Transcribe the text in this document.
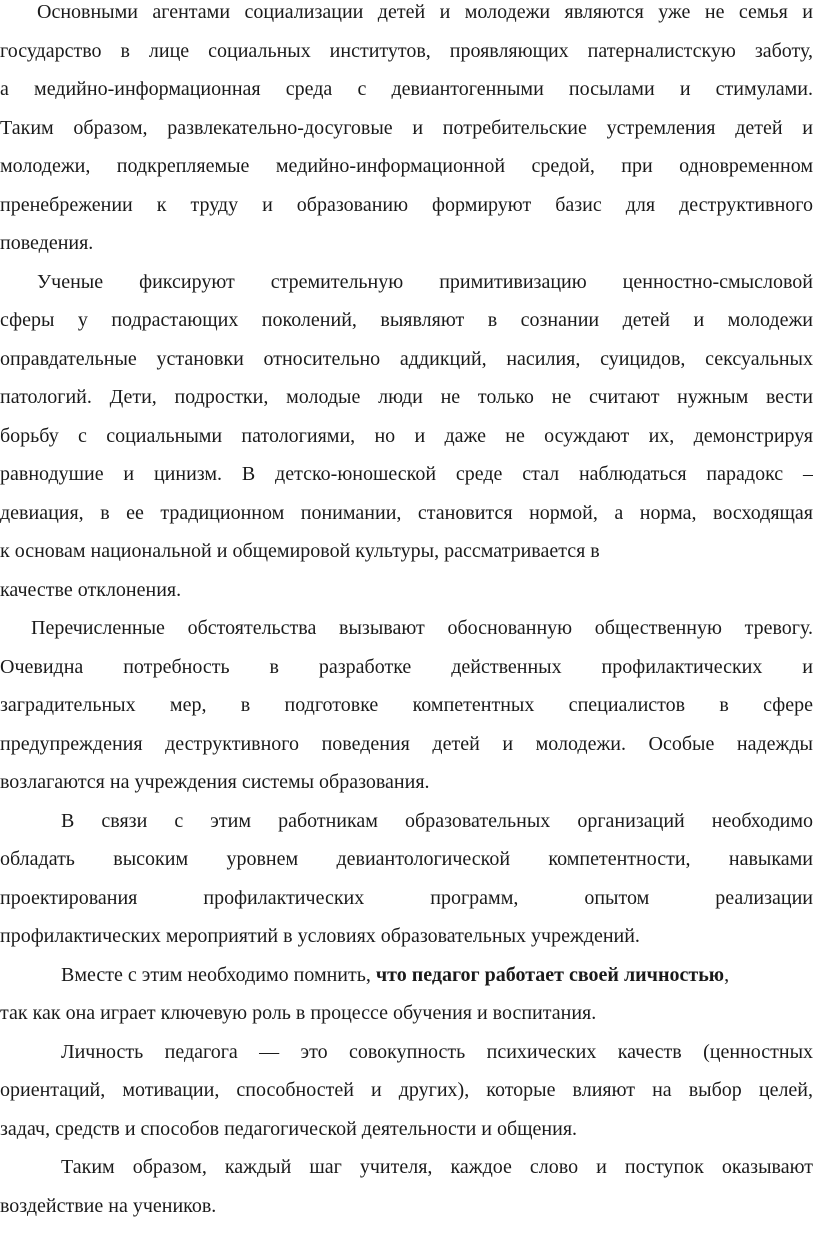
Основными агентами социализации детей и молодежи являются уже не семья и
государство в лице социальных институтов, проявляющих патерналистскую заботу,
а медийно-информационная среда с девиантогенными посылами и стимулами.
Таким образом, развлекательно-досуговые и потребительские устремления детей и
молодежи, подкрепляемые медийно-информационной средой, при одновременном
пренебрежении к труду и образованию формируют базис для деструктивного
поведения.
Ученые фиксируют стремительную примитивизацию ценностно-смысловой
сферы у подрастающих поколений, выявляют в сознании детей и молодежи
оправдательные установки относительно аддикций, насилия, суицидов, сексуальных
патологий. Дети, подростки, молодые люди не только не считают нужным вести
борьбу с социальными патологиями, но и даже не осуждают их, демонстрируя
равнодушие и цинизм. В детско-юношеской среде стал наблюдаться парадокс –
девиация, в ее традиционном понимании, становится нормой, а норма, восходящая
к основам национальной и общемировой культуры, рассматривается в
качестве отклонения.
Перечисленные обстоятельства вызывают обоснованную общественную тревогу.
Очевидна потребность в разработке действенных профилактических и
заградительных мер, в подготовке компетентных специалистов в сфере
предупреждения деструктивного поведения детей и молодежи. Особые надежды
возлагаются на учреждения системы образования.
В связи с этим работникам образовательных организаций необходимо
обладать высоким уровнем девиантологической компетентности, навыками
проектирования профилактических программ, опытом реализации
профилактических мероприятий в условиях образовательных учреждений.
Вместе с этим необходимо помнить, что педагог работает своей личностью,
так как она играет ключевую роль в процессе обучения и воспитания.
Личность педагога — это совокупность психических качеств (ценностных
ориентаций, мотивации, способностей и других), которые влияют на выбор целей,
задач, средств и способов педагогической деятельности и общения.
Таким образом, каждый шаг учителя, каждое слово и поступок оказывают
воздействие на учеников.
